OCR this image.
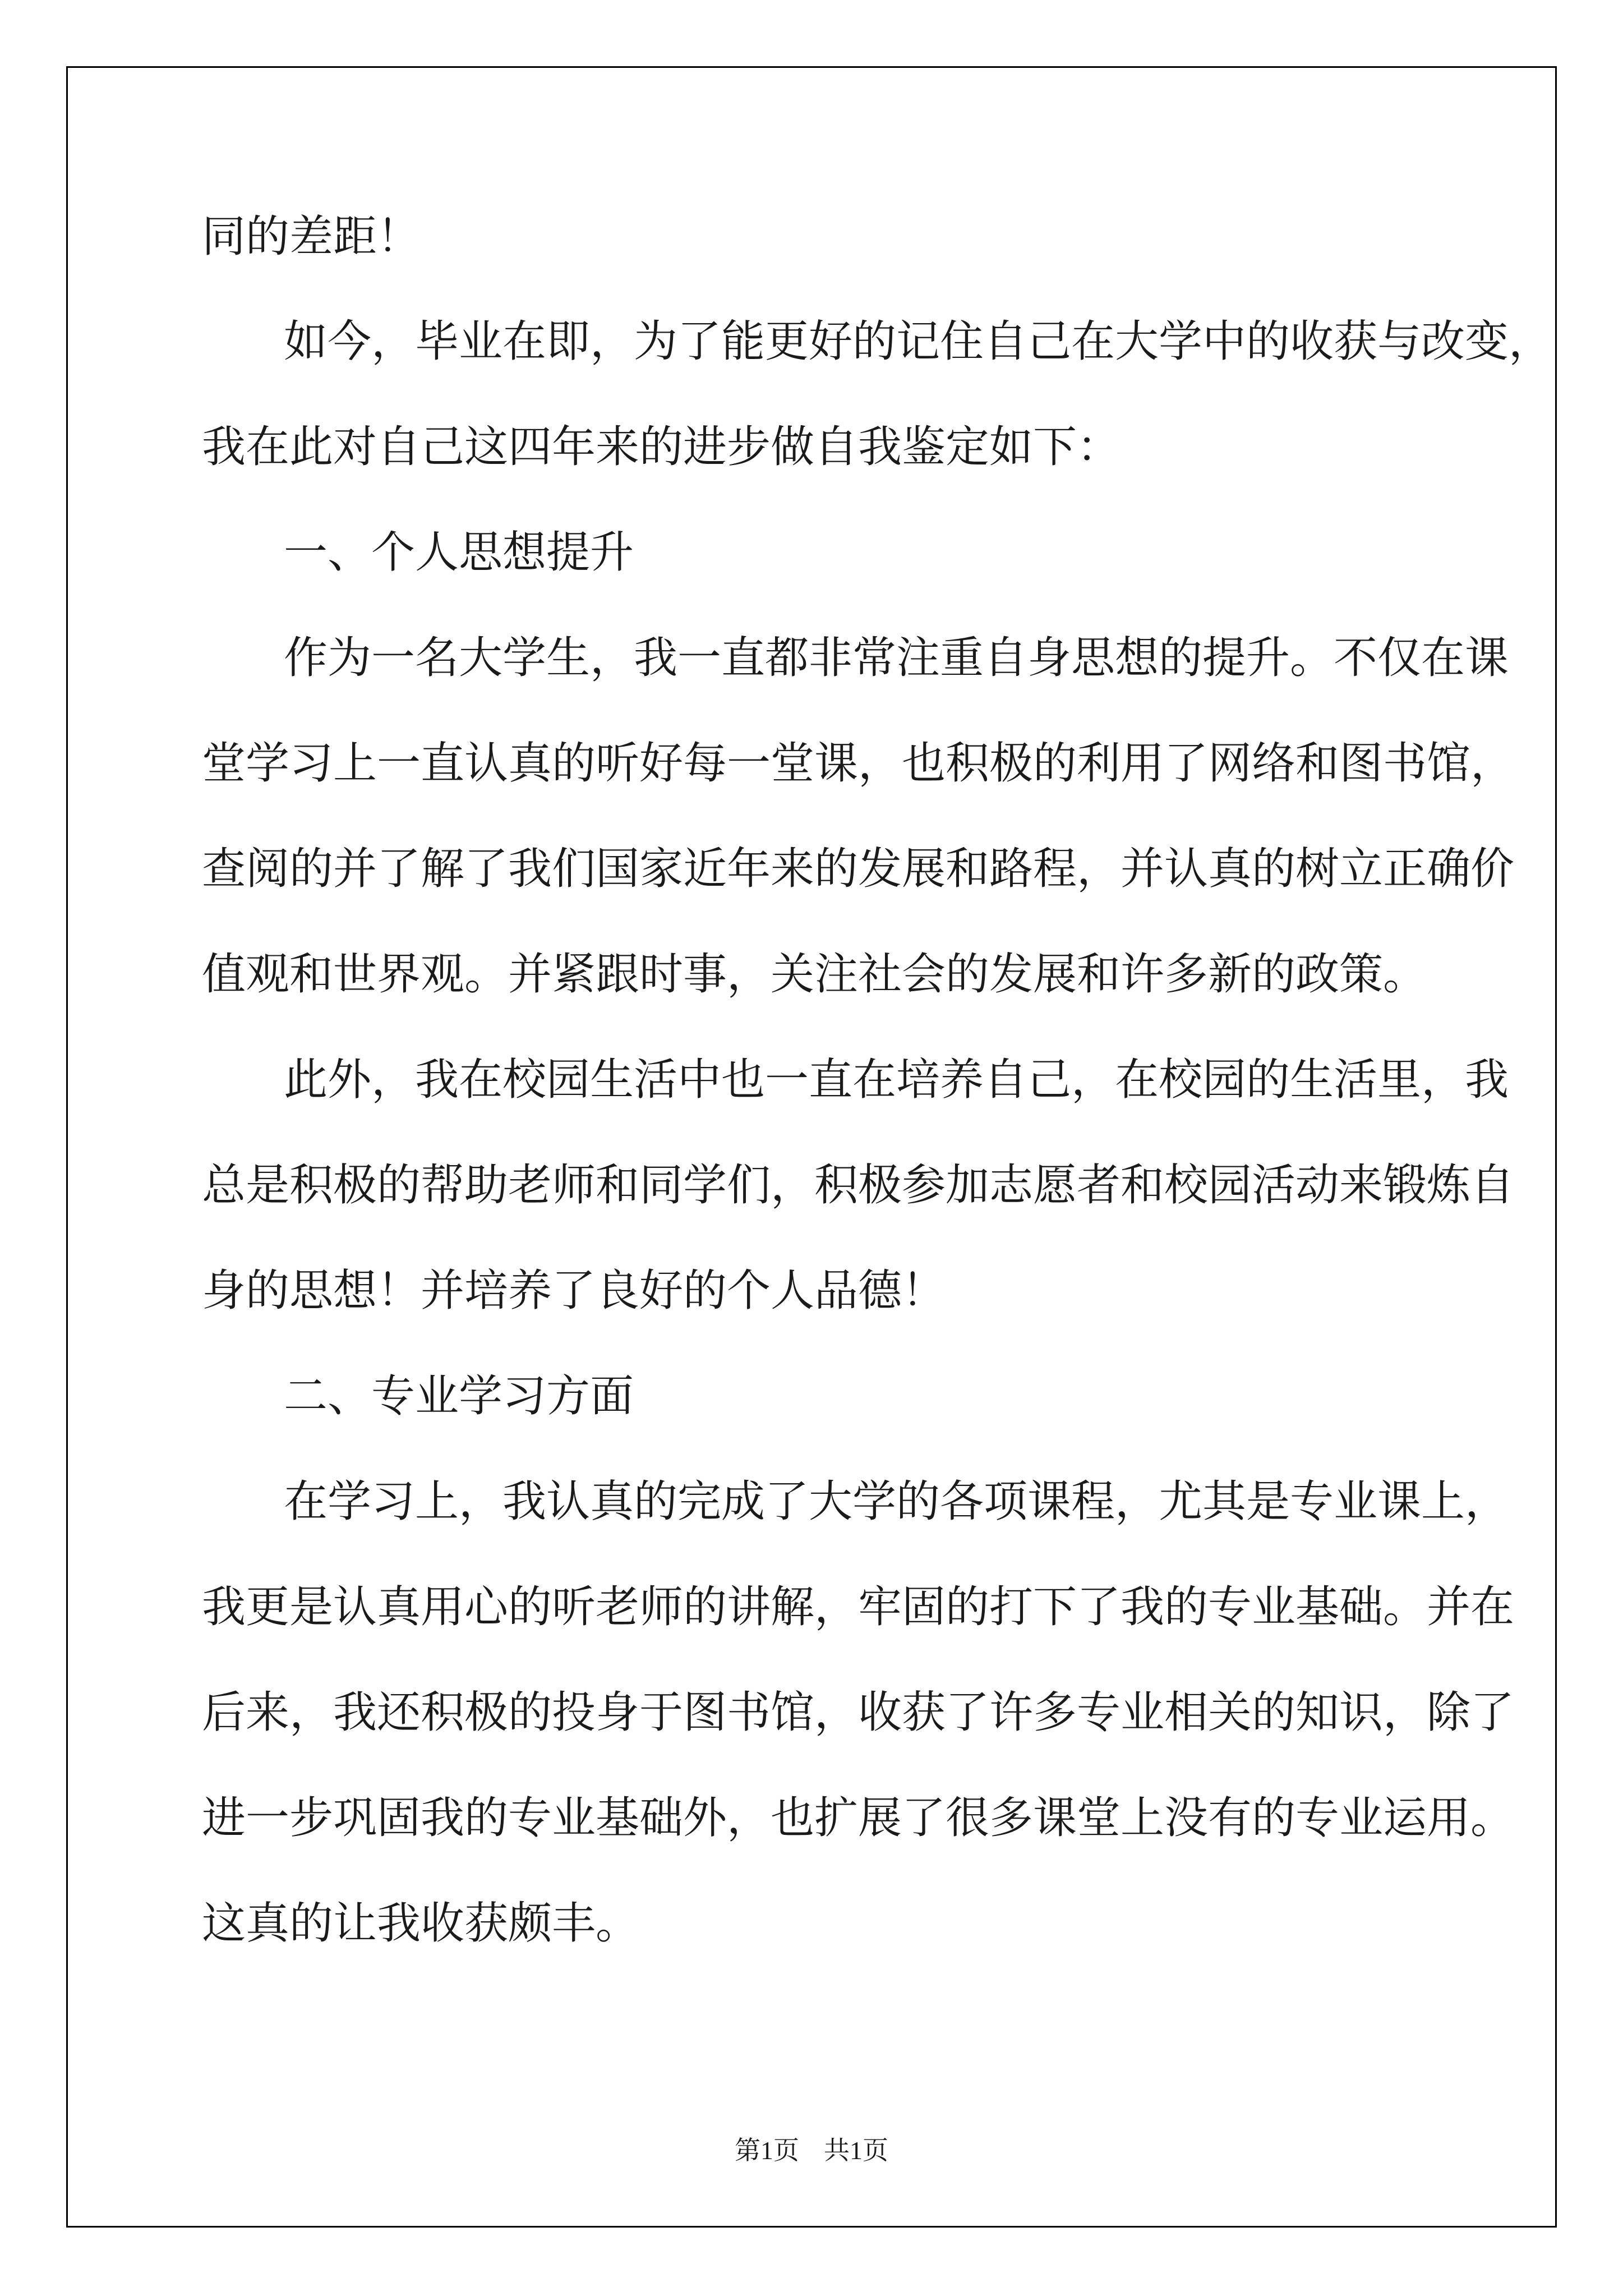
同的差距！
如今，毕业在即，为了能更好的记住自己在大学中的收获与改变，
我在此对自己这四年来的进步做自我鉴定如下：
一、个人思想提升
作为一名大学生，我一直都非常注重自身思想的提升。不仅在课
堂学习上一直认真的听好每一堂课，也积极的利用了网络和图书馆，
查阅的并了解了我们国家近年来的发展和路程，并认真的树立正确价
值观和世界观。并紧跟时事，关注社会的发展和许多新的政策。
此外，我在校园生活中也一直在培养自己，在校园的生活里，我
总是积极的帮助老师和同学们，积极参加志愿者和校园活动来锻炼自
身的思想！并培养了良好的个人品德！
二、专业学习方面
在学习上，我认真的完成了大学的各项课程，尤其是专业课上，
我更是认真用心的听老师的讲解，牢固的打下了我的专业基础。并在
后来，我还积极的投身于图书馆，收获了许多专业相关的知识，除了
进一步巩固我的专业基础外，也扩展了很多课堂上没有的专业运用。
这真的让我收获颇丰。
第1页 共1页
